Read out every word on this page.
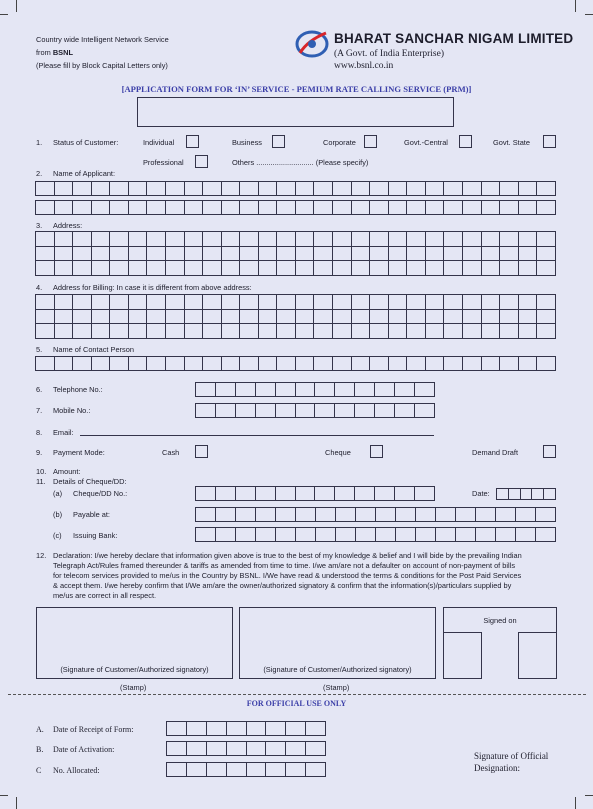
Country wide Intelligent Network Service
from BSNL
(Please fill by Block Capital Letters only)
BHARAT SANCHAR NIGAM LIMITED
(A Govt. of India Enterprise)
www.bsnl.co.in
[APPLICATION FORM FOR ‘IN’ SERVICE - PEMIUM RATE CALLING SERVICE (PRM)]
1. Status of Customer:	Individual	Business	Corporate	Govt.-Central	Govt. State
Professional	Others ............................ (Please specify)
2. Name of Applicant:

3. Address:

4. Address for Billing: In case it is different from above address:

5. Name of Contact Person

6. Telephone No.:

7. Mobile No.:

8. Email:
9. Payment Mode:	Cash	Cheque	Demand Draft
10. Amount:
11. Details of Cheque/DD:
(a) Cheque/DD No.:
												Date:

(b) Payable at:

(c) Issuing Bank:

12. Declaration: I/we hereby declare that information given above is true to the best of my knowledge & belief and I will bide by the prevailing Indian
Telegraph Act/Rules framed thereunder & tariffs as amended from time to time. I/we am/are not a defaulter on account of non-payment of bills
for telecom services provided to me/us in the Country by BSNL. I/We have read & understood the terms & conditions for the Post Paid Services
& accept them. I/we hereby confirm that I/We am/are the owner/authorized signatory & confirm that the information(s)/particulars supplied by
me/us are correct in all respect.
(Signature of Customer/Authorized signatory)	(Signature of Customer/Authorized signatory)
Signed on
(Stamp)	(Stamp)
FOR OFFICIAL USE ONLY
A. Date of Receipt of Form:

B. Date of Activation:

C No. Allocated:

Signature of Official
Designation:
